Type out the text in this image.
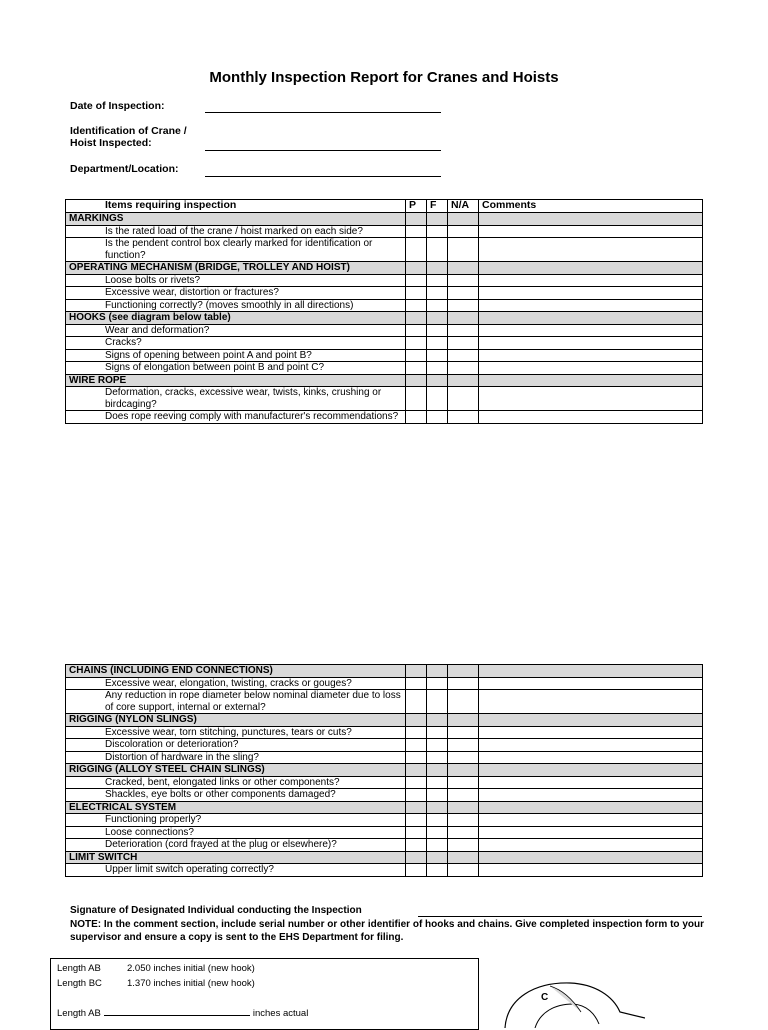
Monthly Inspection Report for Cranes and Hoists
Date of Inspection:
Identification of Crane /
Hoist Inspected:
Department/Location:
Items requiring inspection	P	F	N/A	Comments
MARKINGS				
Is the rated load of the crane / hoist marked on each side?				
Is the pendent control box clearly marked for identification or function?				
OPERATING MECHANISM (BRIDGE, TROLLEY AND HOIST)				
Loose bolts or rivets?				
Excessive wear, distortion or fractures?				
Functioning correctly? (moves smoothly in all directions)				
HOOKS (see diagram below table)				
Wear and deformation?				
Cracks?				
Signs of opening between point A and point B?				
Signs of elongation between point B and point C?				
WIRE ROPE				
Deformation, cracks, excessive wear, twists, kinks, crushing or birdcaging?				
Does rope reeving comply with manufacturer's recommendations?				
CHAINS (INCLUDING END CONNECTIONS)				
Excessive wear, elongation, twisting, cracks or gouges?				
Any reduction in rope diameter below nominal diameter due to loss of core support, internal or external?				
RIGGING (NYLON SLINGS)				
Excessive wear, torn stitching, punctures, tears or cuts?				
Discoloration or deterioration?				
Distortion of hardware in the sling?				
RIGGING (ALLOY STEEL CHAIN SLINGS)				
Cracked, bent, elongated links or other components?				
Shackles, eye bolts or other components damaged?				
ELECTRICAL SYSTEM				
Functioning properly?				
Loose connections?				
Deterioration (cord frayed at the plug or elsewhere)?				
LIMIT SWITCH				
Upper limit switch operating correctly?				
Signature of Designated Individual conducting the Inspection
NOTE: In the comment section, include serial number or other identifier of hooks and chains. Give completed inspection form to your supervisor and ensure a copy is sent to the EHS Department for filing.
Length AB	2.050 inches initial (new hook)
Length BC	1.370 inches initial (new hook)
Length AB	inches actual
C
